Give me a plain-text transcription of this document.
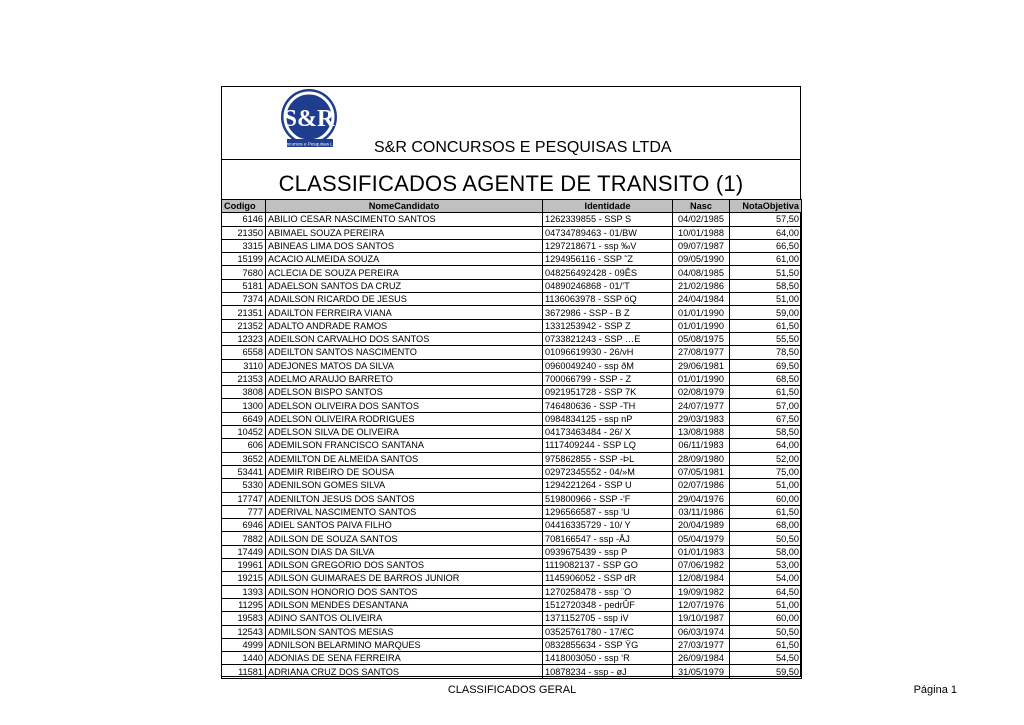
S&R
Concursos e Pesquisas Ltda S&R CONCURSOS E PESQUISAS LTDA
CLASSIFICADOS AGENTE DE TRANSITO (1)
Codigo	NomeCandidato	Identidade	Nasc	NotaObjetiva
6146	ABILIO CESAR NASCIMENTO SANTOS	1262339855 - SSP S	04/02/1985	57,50
21350	ABIMAEL SOUZA PEREIRA	04734789463 - 01/BW	10/01/1988	64,00
3315	ABINEAS LIMA DOS SANTOS	1297218671 - ssp ‰V	09/07/1987	66,50
15199	ACACIO ALMEIDA SOUZA	1294956116 - SSP ˜Z	09/05/1990	61,00
7680	ACLECIA DE SOUZA PEREIRA	048256492428 - 09ÊS	04/08/1985	51,50
5181	ADAELSON SANTOS DA CRUZ	04890246868 - 01/’T	21/02/1986	58,50
7374	ADAILSON RICARDO DE JESUS	1136063978 - SSP öQ	24/04/1984	51,00
21351	ADAILTON FERREIRA VIANA	3672986 - SSP - B Z	01/01/1990	59,00
21352	ADALTO ANDRADE RAMOS	1331253942 - SSP Z	01/01/1990	61,50
12323	ADEILSON CARVALHO DOS SANTOS	0733821243 - SSP …E	05/08/1975	55,50
6558	ADEILTON SANTOS NASCIMENTO	01096619930 - 26/vH	27/08/1977	78,50
3110	ADEJONES MATOS DA SILVA	0960049240 - ssp ðM	29/06/1981	69,50
21353	ADELMO ARAUJO BARRETO	700066799 - SSP - Z	01/01/1990	68,50
3808	ADELSON BISPO SANTOS	0921951728 - SSP 7K	02/08/1979	61,50
1300	ADELSON OLIVEIRA DOS SANTOS	746480636 - SSP -TH	24/07/1977	57,00
6649	ADELSON OLIVEIRA RODRIGUES	0984834125 - ssp nP	29/03/1983	67,50
10452	ADELSON SILVA DE OLIVEIRA	04173463484 - 26/ X	13/08/1988	58,50
606	ADEMILSON FRANCISCO SANTANA	1117409244 - SSP LQ	06/11/1983	64,00
3652	ADEMILTON DE ALMEIDA SANTOS	975862855 - SSP -ÞL	28/09/1980	52,00
53441	ADEMIR RIBEIRO DE SOUSA	02972345552 - 04/»M	07/05/1981	75,00
5330	ADENILSON GOMES SILVA	1294221264 - SSP U	02/07/1986	51,00
17747	ADENILTON JESUS DOS SANTOS	519800966 - SSP -'F	29/04/1976	60,00
777	ADERIVAL NASCIMENTO SANTOS	1296566587 - ssp ‘U	03/11/1986	61,50
6946	ADIEL SANTOS PAIVA FILHO	04416335729 - 10/ Y	20/04/1989	68,00
7882	ADILSON DE SOUZA SANTOS	708166547 - ssp -ÅJ	05/04/1979	50,50
17449	ADILSON DIAS DA SILVA	0939675439 - ssp P	01/01/1983	58,00
19961	ADILSON GREGORIO DOS SANTOS	1119082137 - SSP GO	07/06/1982	53,00
19215	ADILSON GUIMARAES DE BARROS JUNIOR	1145906052 - SSP dR	12/08/1984	54,00
1393	ADILSON HONORIO DOS SANTOS	1270258478 - ssp ¨O	19/09/1982	64,50
11295	ADILSON MENDES DESANTANA	1512720348 - pedrÛF	12/07/1976	51,00
19583	ADINO SANTOS OLIVEIRA	1371152705 - ssp iV	19/10/1987	60,00
12543	ADMILSON SANTOS MESIAS	03525761780 - 17/€C	06/03/1974	50,50
4999	ADNILSON BELARMINO MARQUES	0832855634 - SSP ŸG	27/03/1977	61,50
1440	ADONIAS DE SENA FERREIRA	1418003050 - ssp ‘R	26/09/1984	54,50
11581	ADRIANA CRUZ DOS SANTOS	10878234 - ssp - øJ	31/05/1979	59,50
CLASSIFICADOS GERAL	Página 1
